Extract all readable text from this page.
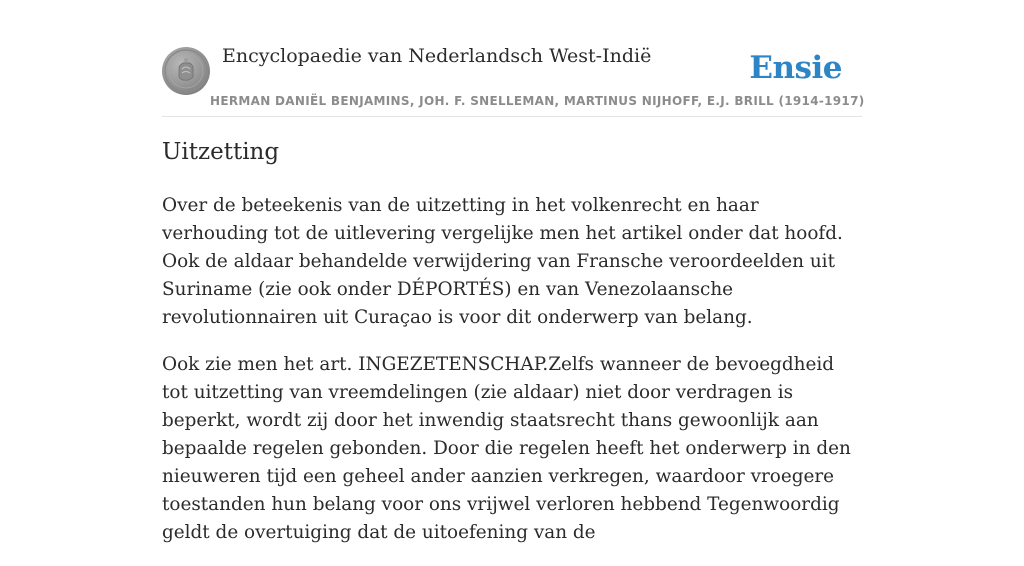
Encyclopaedie van Nederlandsch West-Indië	Ensie
HERMAN DANIËL BENJAMINS, JOH. F. SNELLEMAN, MARTINUS NIJHOFF, E.J. BRILL (1914-1917)
Uitzetting

Over de beteekenis van de uitzetting in het volkenrecht en haar verhouding tot de uitlevering vergelijke men het artikel onder dat hoofd. Ook de aldaar behandelde verwijdering van Fransche veroordeelden uit Suriname (zie ook onder DÉPORTÉS) en van Venezolaansche revolutionnairen uit Curaçao is voor dit onderwerp van belang.

Ook zie men het art. INGEZETENSCHAP.Zelfs wanneer de bevoegdheid tot uitzetting van vreemdelingen (zie aldaar) niet door verdragen is beperkt, wordt zij door het inwendig staatsrecht thans gewoonlijk aan bepaalde regelen gebonden. Door die regelen heeft het onderwerp in den nieuweren tijd een geheel ander aanzien verkregen, waardoor vroegere toestanden hun belang voor ons vrijwel verloren hebbend Tegenwoordig geldt de overtuiging dat de uitoefening van de
